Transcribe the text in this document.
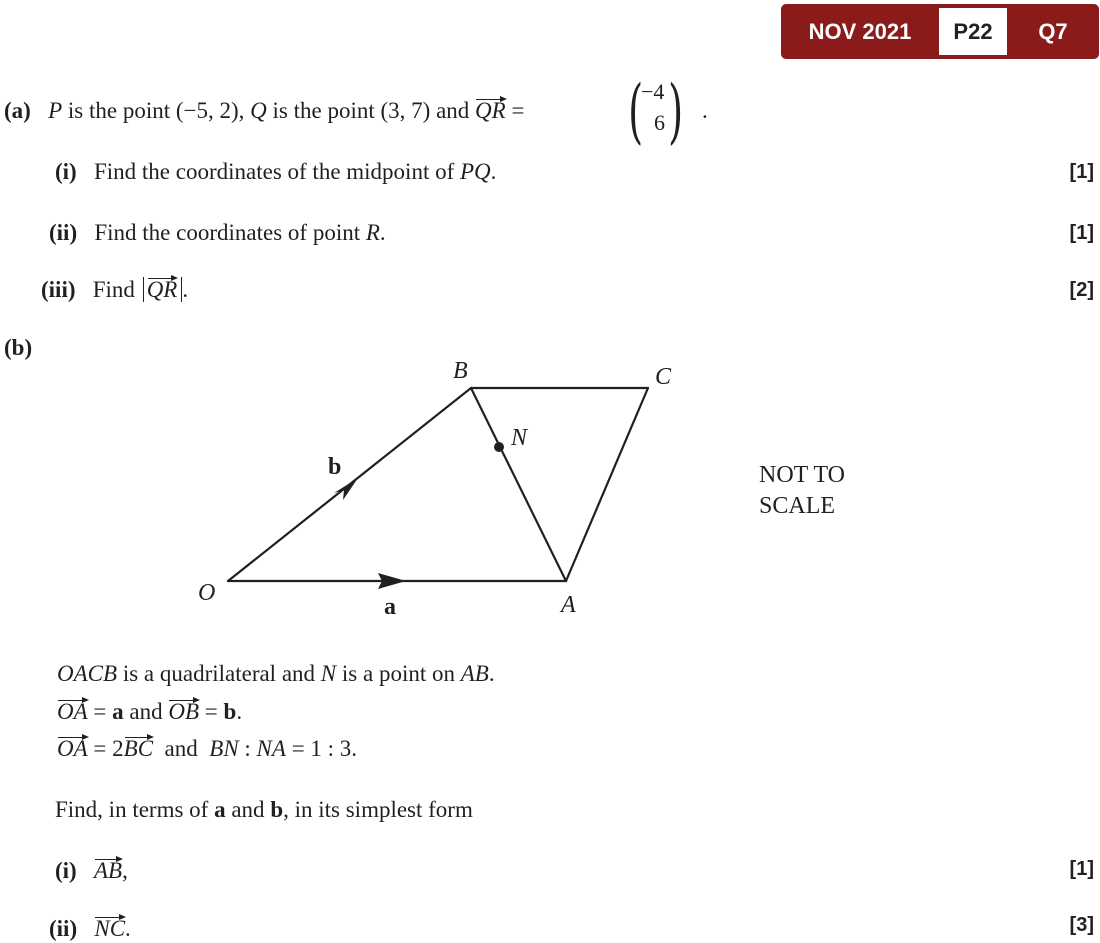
NOV 2021	P22	Q7
(a) P is the point (−5, 2), Q is the point (3, 7) and QR = (
−4
6 ) .
(i) Find the coordinates of the midpoint of PQ.	[1]
(ii) Find the coordinates of point R.	[1]
(iii) Find QR .	[2]
(b)
O	A
B	C
N
a
b	NOT TO
SCALE
OACB is a quadrilateral and N is a point on AB.
OA = a and OB = b.
OA = 2BC  and  BN : NA = 1 : 3.
Find, in terms of a and b, in its simplest form
(i) AB,	[1]
(ii) NC.	[3]
